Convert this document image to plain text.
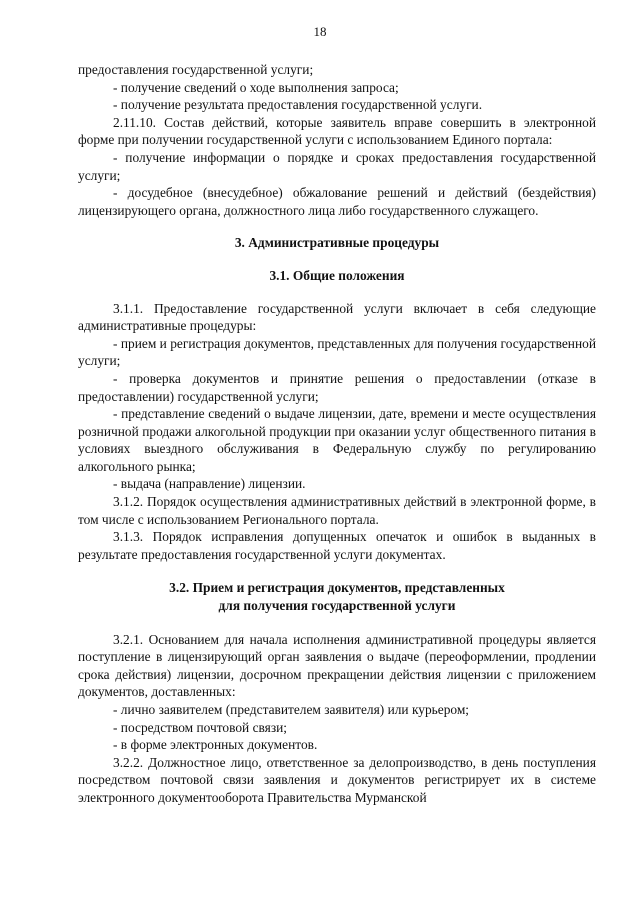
18

предоставления государственной услуги;

- получение сведений о ходе выполнения запроса;

- получение результата предоставления государственной услуги.

2.11.10. Состав действий, которые заявитель вправе совершить в электронной форме при получении государственной услуги с использованием Единого портала:

- получение информации о порядке и сроках предоставления государственной услуги;

- досудебное (внесудебное) обжалование решений и действий (бездействия) лицензирующего органа, должностного лица либо государственного служащего.

3. Административные процедуры
3.1. Общие положения

3.1.1. Предоставление государственной услуги включает в себя следующие административные процедуры:

- прием и регистрация документов, представленных для получения государственной услуги;

- проверка документов и принятие решения о предоставлении (отказе в предоставлении) государственной услуги;

- представление сведений о выдаче лицензии, дате, времени и месте осуществления розничной продажи алкогольной продукции при оказании услуг общественного питания в условиях выездного обслуживания в Федеральную службу по регулированию алкогольного рынка;

- выдача (направление) лицензии.

3.1.2. Порядок осуществления административных действий в электронной форме, в том числе с использованием Регионального портала.

3.1.3. Порядок исправления допущенных опечаток и ошибок в выданных в результате предоставления государственной услуги документах.

3.2. Прием и регистрация документов, представленных
для получения государственной услуги

3.2.1. Основанием для начала исполнения административной процедуры является поступление в лицензирующий орган заявления о выдаче (переоформлении, продлении срока действия) лицензии, досрочном прекращении действия лицензии с приложением документов, доставленных:

- лично заявителем (представителем заявителя) или курьером;

- посредством почтовой связи;

- в форме электронных документов.

3.2.2. Должностное лицо, ответственное за делопроизводство, в день поступления посредством почтовой связи заявления и документов регистрирует их в системе электронного документооборота Правительства Мурманской
